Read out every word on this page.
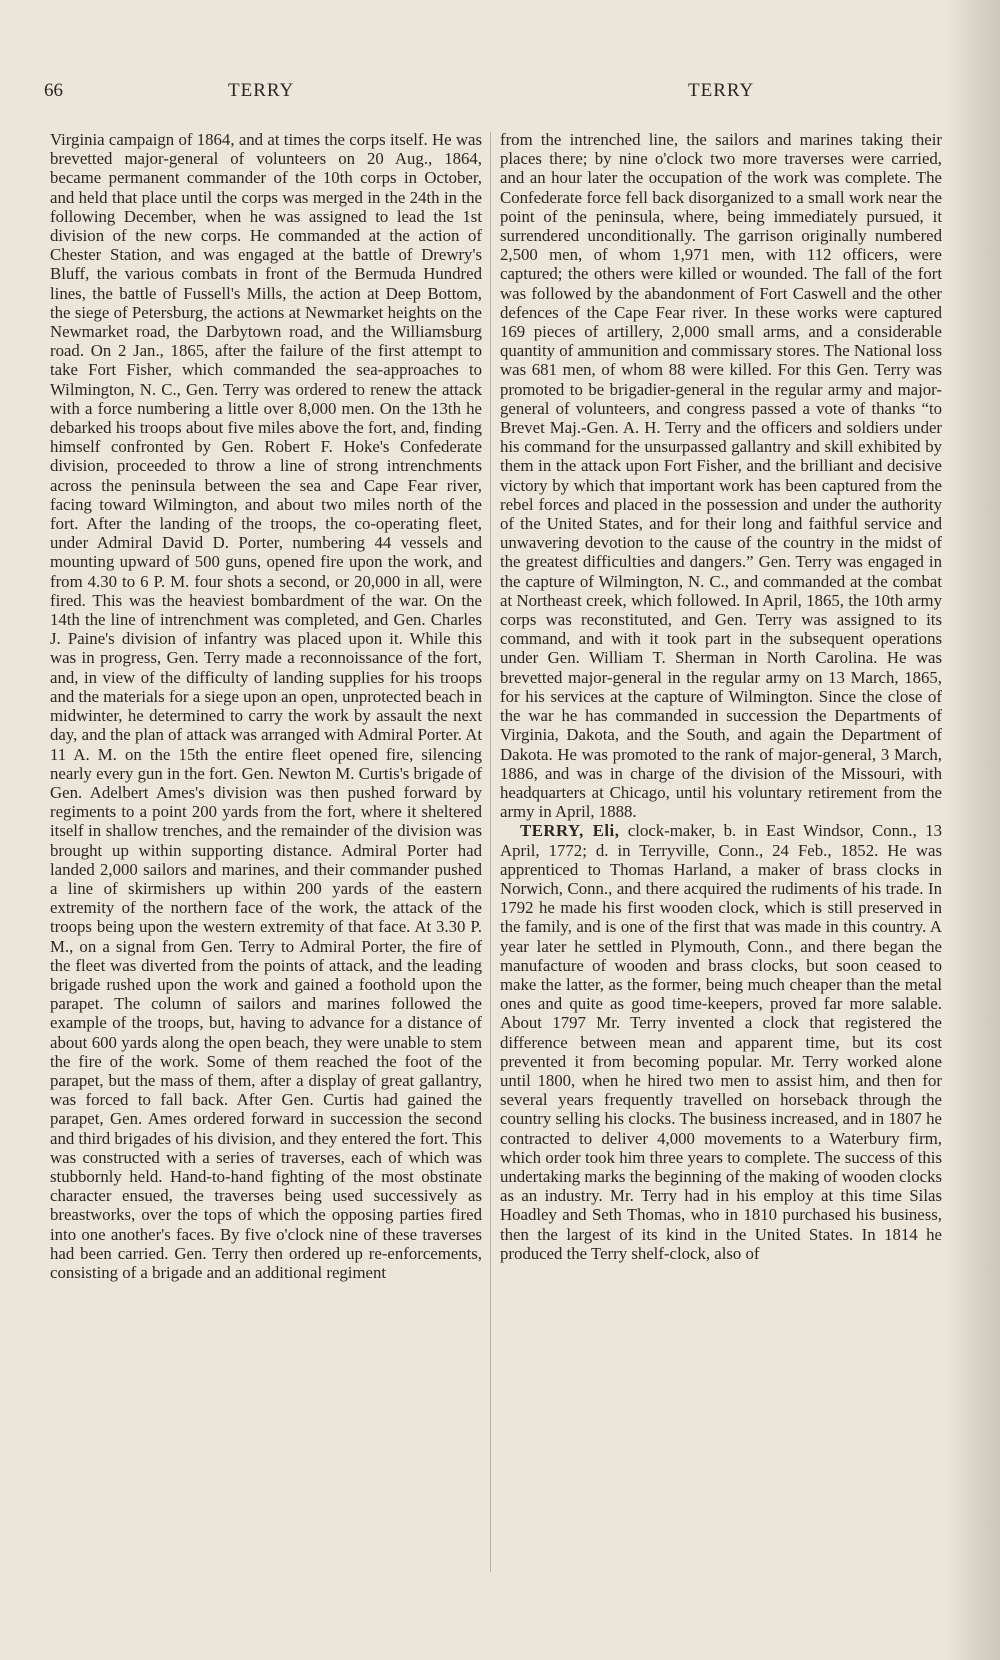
66	TERRY	TERRY

Virginia campaign of 1864, and at times the corps itself. He was brevetted major-general of volunteers on 20 Aug., 1864, became permanent commander of the 10th corps in October, and held that place until the corps was merged in the 24th in the following December, when he was assigned to lead the 1st division of the new corps. He commanded at the action of Chester Station, and was engaged at the battle of Drewry's Bluff, the various combats in front of the Bermuda Hundred lines, the battle of Fussell's Mills, the action at Deep Bottom, the siege of Petersburg, the actions at Newmarket heights on the Newmarket road, the Darbytown road, and the Williamsburg road. On 2 Jan., 1865, after the failure of the first attempt to take Fort Fisher, which commanded the sea-approaches to Wilmington, N. C., Gen. Terry was ordered to renew the attack with a force numbering a little over 8,000 men. On the 13th he debarked his troops about five miles above the fort, and, finding himself confronted by Gen. Robert F. Hoke's Confederate division, proceeded to throw a line of strong intrenchments across the peninsula between the sea and Cape Fear river, facing toward Wilmington, and about two miles north of the fort. After the landing of the troops, the co-operating fleet, under Admiral David D. Porter, numbering 44 vessels and mounting upward of 500 guns, opened fire upon the work, and from 4.30 to 6 P. M. four shots a second, or 20,000 in all, were fired. This was the heaviest bombardment of the war. On the 14th the line of intrenchment was completed, and Gen. Charles J. Paine's division of infantry was placed upon it. While this was in progress, Gen. Terry made a reconnoissance of the fort, and, in view of the difficulty of landing supplies for his troops and the materials for a siege upon an open, unprotected beach in midwinter, he determined to carry the work by assault the next day, and the plan of attack was arranged with Admiral Porter. At 11 A. M. on the 15th the entire fleet opened fire, silencing nearly every gun in the fort. Gen. Newton M. Curtis's brigade of Gen. Adelbert Ames's division was then pushed forward by regiments to a point 200 yards from the fort, where it sheltered itself in shallow trenches, and the remainder of the division was brought up within supporting distance. Admiral Porter had landed 2,000 sailors and marines, and their commander pushed a line of skirmishers up within 200 yards of the eastern extremity of the northern face of the work, the attack of the troops being upon the western extremity of that face. At 3.30 P. M., on a signal from Gen. Terry to Admiral Porter, the fire of the fleet was diverted from the points of attack, and the leading brigade rushed upon the work and gained a foothold upon the parapet. The column of sailors and marines followed the example of the troops, but, having to advance for a distance of about 600 yards along the open beach, they were unable to stem the fire of the work. Some of them reached the foot of the parapet, but the mass of them, after a display of great gallantry, was forced to fall back. After Gen. Curtis had gained the parapet, Gen. Ames ordered forward in succession the second and third brigades of his division, and they entered the fort. This was constructed with a series of traverses, each of which was stubbornly held. Hand-to-hand fighting of the most obstinate character ensued, the traverses being used successively as breastworks, over the tops of which the opposing parties fired into one another's faces. By five o'clock nine of these traverses had been carried. Gen. Terry then ordered up re-enforcements, consisting of a brigade and an additional regiment

from the intrenched line, the sailors and marines taking their places there; by nine o'clock two more traverses were carried, and an hour later the occupation of the work was complete. The Confederate force fell back disorganized to a small work near the point of the peninsula, where, being immediately pursued, it surrendered unconditionally. The garrison originally numbered 2,500 men, of whom 1,971 men, with 112 officers, were captured; the others were killed or wounded. The fall of the fort was followed by the abandonment of Fort Caswell and the other defences of the Cape Fear river. In these works were captured 169 pieces of artillery, 2,000 small arms, and a considerable quantity of ammunition and commissary stores. The National loss was 681 men, of whom 88 were killed. For this Gen. Terry was promoted to be brigadier-general in the regular army and major-general of volunteers, and congress passed a vote of thanks “to Brevet Maj.-Gen. A. H. Terry and the officers and soldiers under his command for the unsurpassed gallantry and skill exhibited by them in the attack upon Fort Fisher, and the brilliant and decisive victory by which that important work has been captured from the rebel forces and placed in the possession and under the authority of the United States, and for their long and faithful service and unwavering devotion to the cause of the country in the midst of the greatest difficulties and dangers.” Gen. Terry was engaged in the capture of Wilmington, N. C., and commanded at the combat at Northeast creek, which followed. In April, 1865, the 10th army corps was reconstituted, and Gen. Terry was assigned to its command, and with it took part in the subsequent operations under Gen. William T. Sherman in North Carolina. He was brevetted major-general in the regular army on 13 March, 1865, for his services at the capture of Wilmington. Since the close of the war he has commanded in succession the Departments of Virginia, Dakota, and the South, and again the Department of Dakota. He was promoted to the rank of major-general, 3 March, 1886, and was in charge of the division of the Missouri, with headquarters at Chicago, until his voluntary retirement from the army in April, 1888.

TERRY, Eli, clock-maker, b. in East Windsor, Conn., 13 April, 1772; d. in Terryville, Conn., 24 Feb., 1852. He was apprenticed to Thomas Harland, a maker of brass clocks in Norwich, Conn., and there acquired the rudiments of his trade. In 1792 he made his first wooden clock, which is still preserved in the family, and is one of the first that was made in this country. A year later he settled in Plymouth, Conn., and there began the manufacture of wooden and brass clocks, but soon ceased to make the latter, as the former, being much cheaper than the metal ones and quite as good time-keepers, proved far more salable. About 1797 Mr. Terry invented a clock that registered the difference between mean and apparent time, but its cost prevented it from becoming popular. Mr. Terry worked alone until 1800, when he hired two men to assist him, and then for several years frequently travelled on horseback through the country selling his clocks. The business increased, and in 1807 he contracted to deliver 4,000 movements to a Waterbury firm, which order took him three years to complete. The success of this undertaking marks the beginning of the making of wooden clocks as an industry. Mr. Terry had in his employ at this time Silas Hoadley and Seth Thomas, who in 1810 purchased his business, then the largest of its kind in the United States. In 1814 he produced the Terry shelf-clock, also of
